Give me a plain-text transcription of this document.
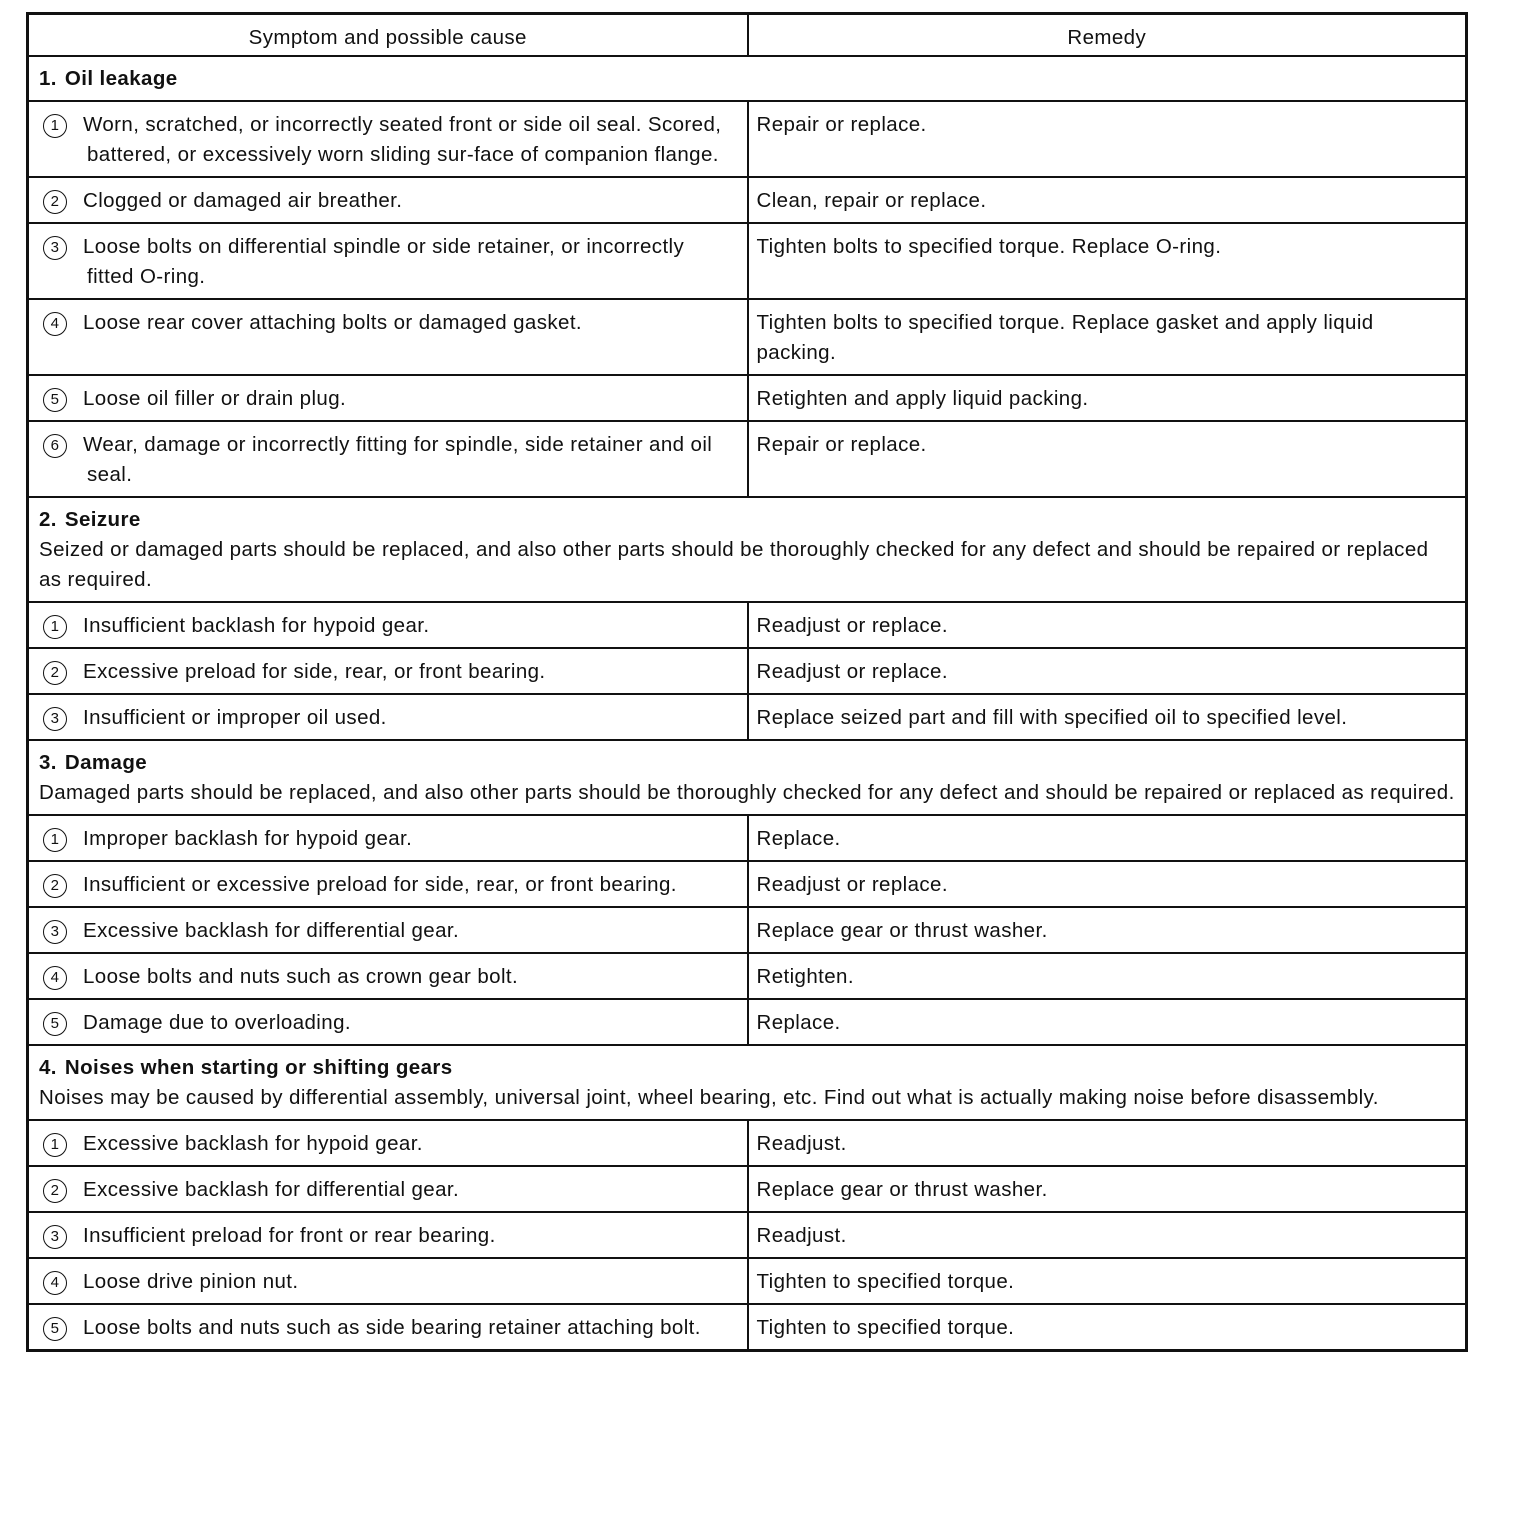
Symptom and possible cause	Remedy

1. Oil leakage	

1 Worn, scratched, or incorrectly seated front or side oil seal. Scored, battered, or excessively worn sliding sur-face of companion flange.	Repair or replace.

2 Clogged or damaged air breather.	Clean, repair or replace.

3 Loose bolts on differential spindle or side retainer, or incorrectly fitted O-ring.	Tighten bolts to specified torque. Replace O-ring.

4 Loose rear cover attaching bolts or damaged gasket.	Tighten bolts to specified torque. Replace gasket and apply liquid packing.

5 Loose oil filler or drain plug.	Retighten and apply liquid packing.

6 Wear, damage or incorrectly fitting for spindle, side retainer and oil seal.	Repair or replace.

2. Seizure
Seized or damaged parts should be replaced, and also other parts should be thoroughly checked for any defect and should be repaired or replaced as required.	

1 Insufficient backlash for hypoid gear.	Readjust or replace.

2 Excessive preload for side, rear, or front bearing.	Readjust or replace.

3 Insufficient or improper oil used.	Replace seized part and fill with specified oil to specified level.

3. Damage
Damaged parts should be replaced, and also other parts should be thoroughly checked for any defect and should be repaired or replaced as required.	

1 Improper backlash for hypoid gear.	Replace.

2 Insufficient or excessive preload for side, rear, or front bearing.	Readjust or replace.

3 Excessive backlash for differential gear.	Replace gear or thrust washer.

4 Loose bolts and nuts such as crown gear bolt.	Retighten.

5 Damage due to overloading.	Replace.

4. Noises when starting or shifting gears
Noises may be caused by differential assembly, universal joint, wheel bearing, etc. Find out what is actually making noise before disassembly.	

1 Excessive backlash for hypoid gear.	Readjust.

2 Excessive backlash for differential gear.	Replace gear or thrust washer.

3 Insufficient preload for front or rear bearing.	Readjust.

4 Loose drive pinion nut.	Tighten to specified torque.

5 Loose bolts and nuts such as side bearing retainer attaching bolt.	Tighten to specified torque.
